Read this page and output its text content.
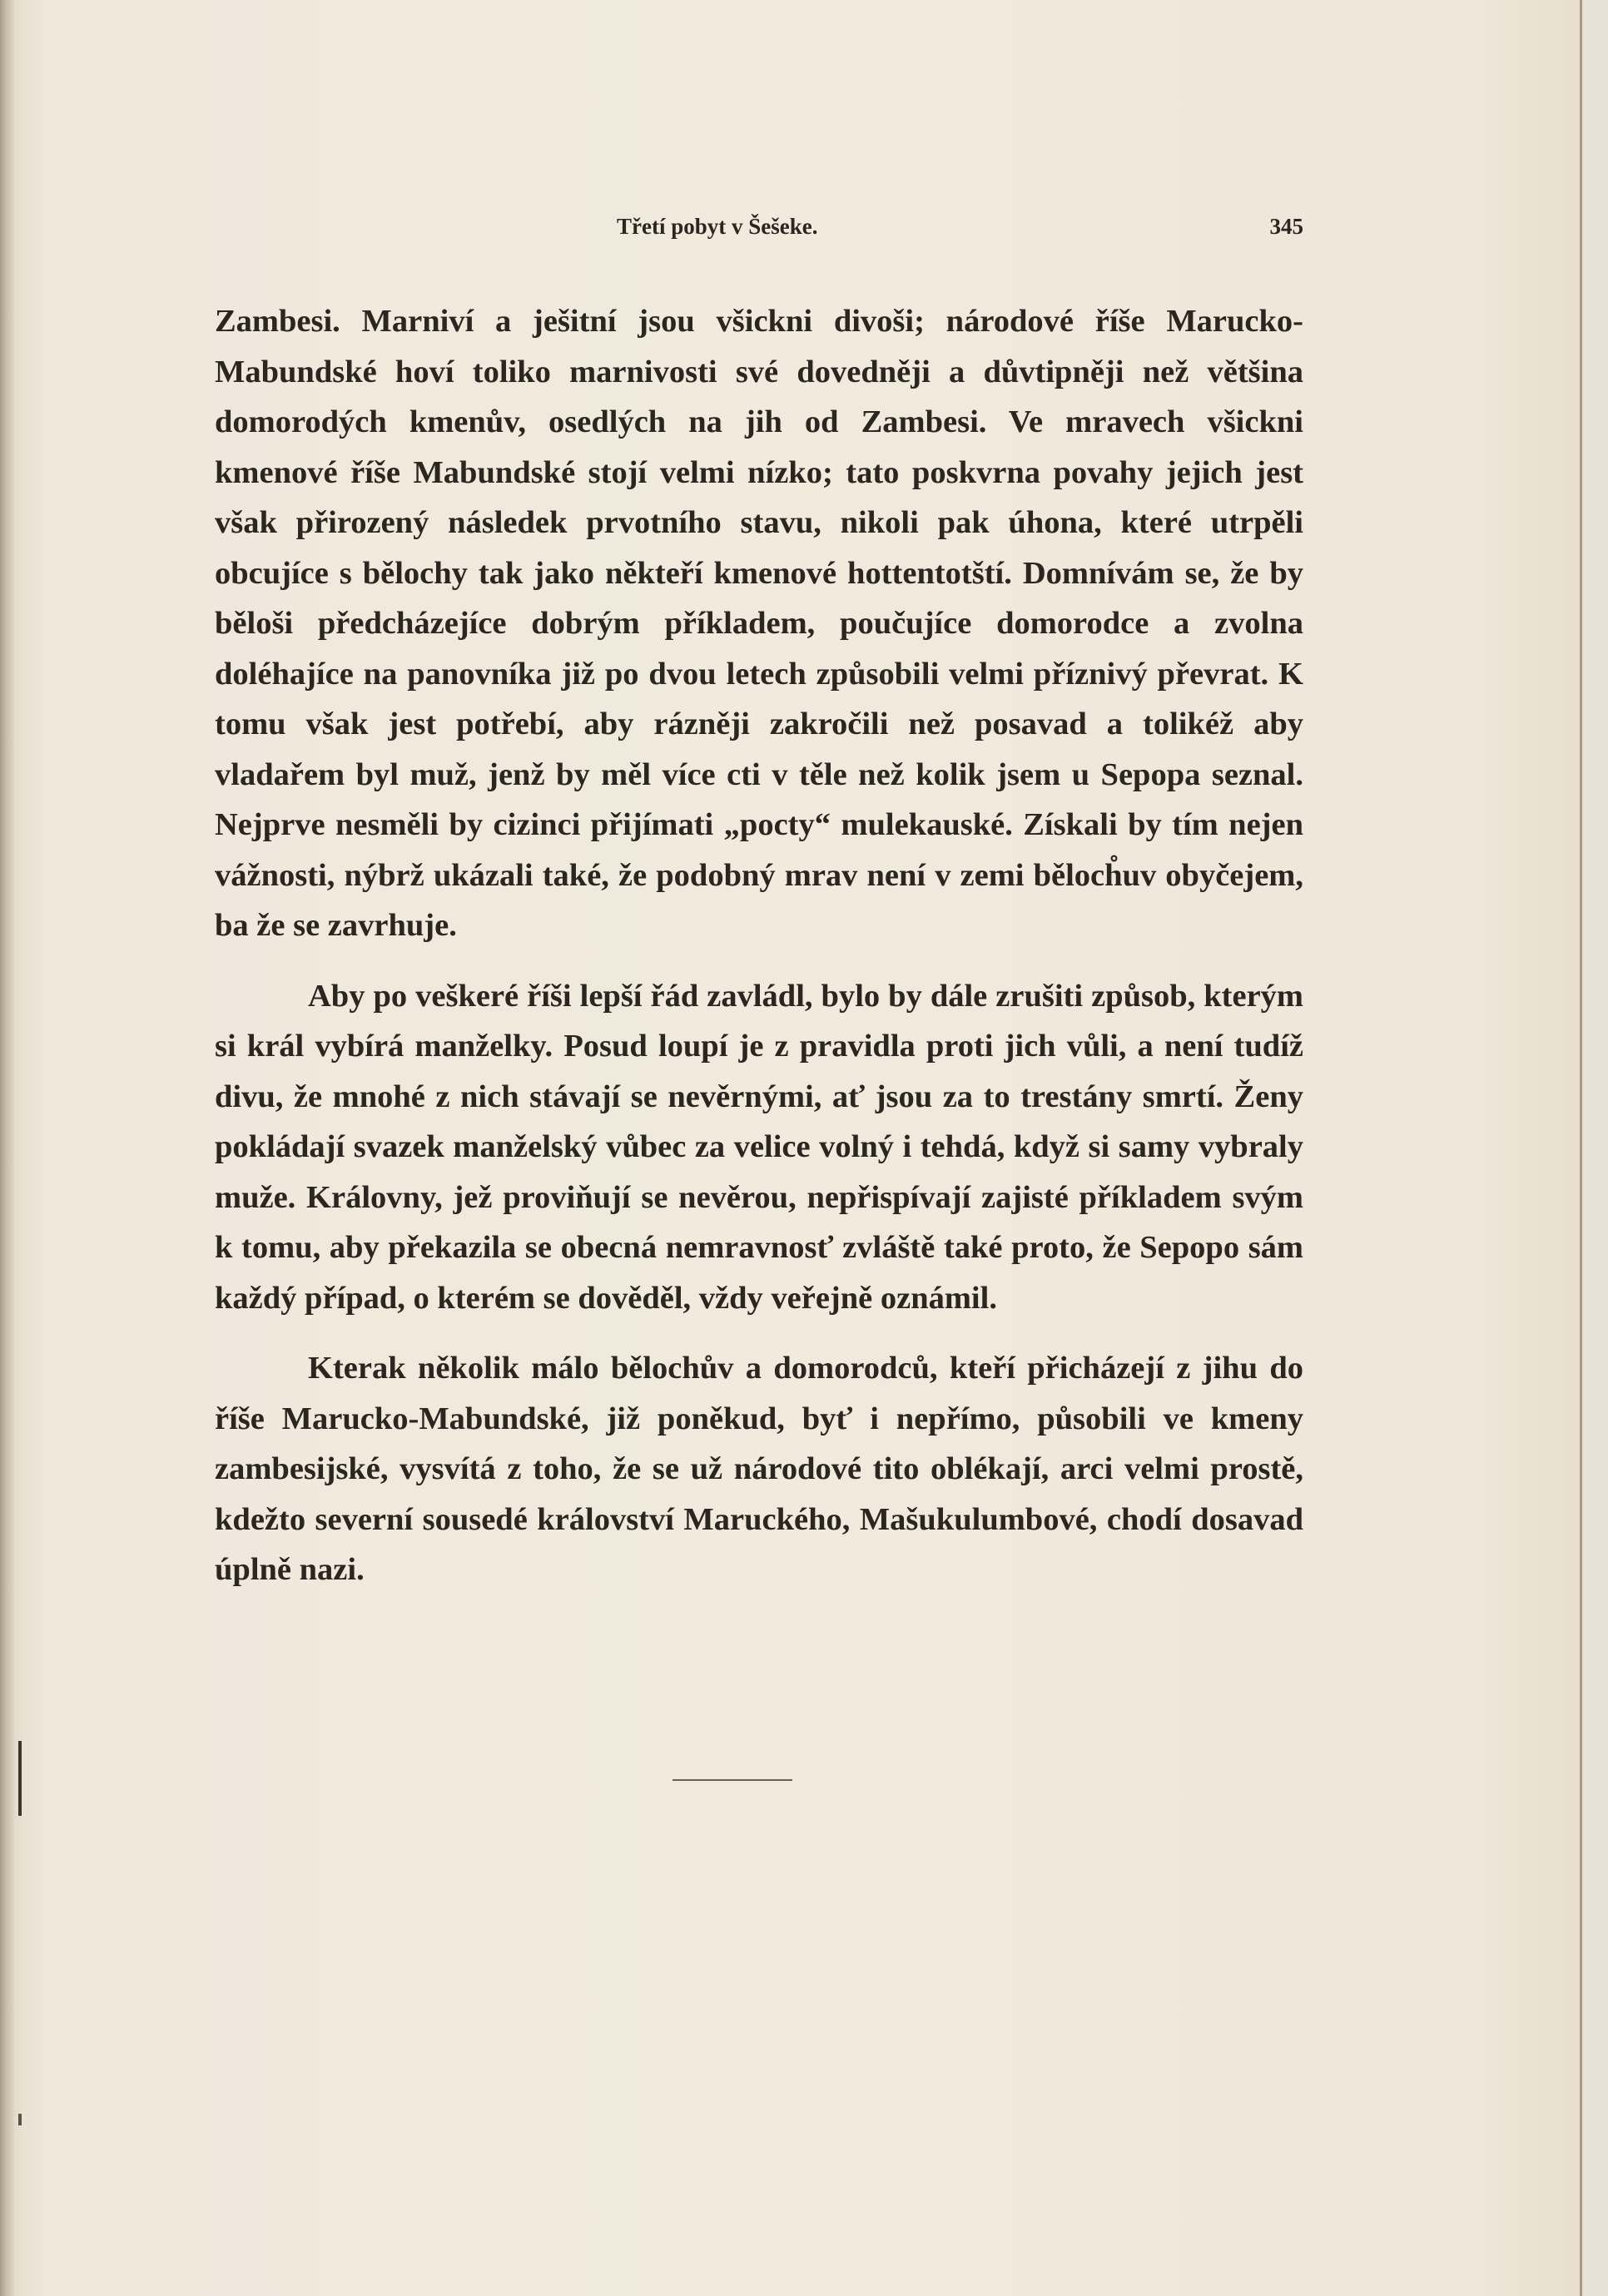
Třetí pobyt v Šešeke.	345

Zambesi. Marniví a ješitní jsou všickni divoši; národové říše Marucko-Mabundské hoví toliko marnivosti své dovedněji a důvtipněji než většina domorodých kmenův, osedlých na jih od Zambesi. Ve mravech všickni kmenové říše Mabundské stojí velmi nízko; tato poskvrna povahy jejich jest však přirozený následek prvotního stavu, nikoli pak úhona, které utrpěli obcujíce s bělochy tak jako někteří kmenové hottentotští. Domnívám se, že by běloši předcházejíce dobrým příkladem, poučujíce domorodce a zvolna doléhajíce na panovníka již po dvou letech způsobili velmi příznivý převrat. K tomu však jest potřebí, aby rázněji zakročili než posavad a tolikéž aby vladařem byl muž, jenž by měl více cti v těle než kolik jsem u Sepopa seznal. Nejprve nesměli by cizinci přijímati „pocty“ mulekauské. Získali by tím nejen vážnosti, nýbrž ukázali také, že podobný mrav není v zemi běloch̊uv obyčejem, ba že se zavrhuje.

Aby po veškeré říši lepší řád zavládl, bylo by dále zrušiti způsob, kterým si král vybírá manželky. Posud loupí je z pravidla proti jich vůli, a není tudíž divu, že mnohé z nich stávají se nevěrnými, ať jsou za to trestány smrtí. Ženy pokládají svazek manželský vůbec za velice volný i tehdá, když si samy vybraly muže. Královny, jež proviňují se nevěrou, nepřispívají zajisté příkladem svým k tomu, aby překazila se obecná nemravnosť zvláště také proto, že Sepopo sám každý případ, o kterém se dověděl, vždy veřejně oznámil.

Kterak několik málo bělochův a domorodců, kteří přicházejí z jihu do říše Marucko-Mabundské, již poněkud, byť i nepřímo, působili ve kmeny zambesijské, vysvítá z toho, že se už národové tito oblékají, arci velmi prostě, kdežto severní sousedé království Maruckého, Mašukulumbové, chodí dosavad úplně nazi.
